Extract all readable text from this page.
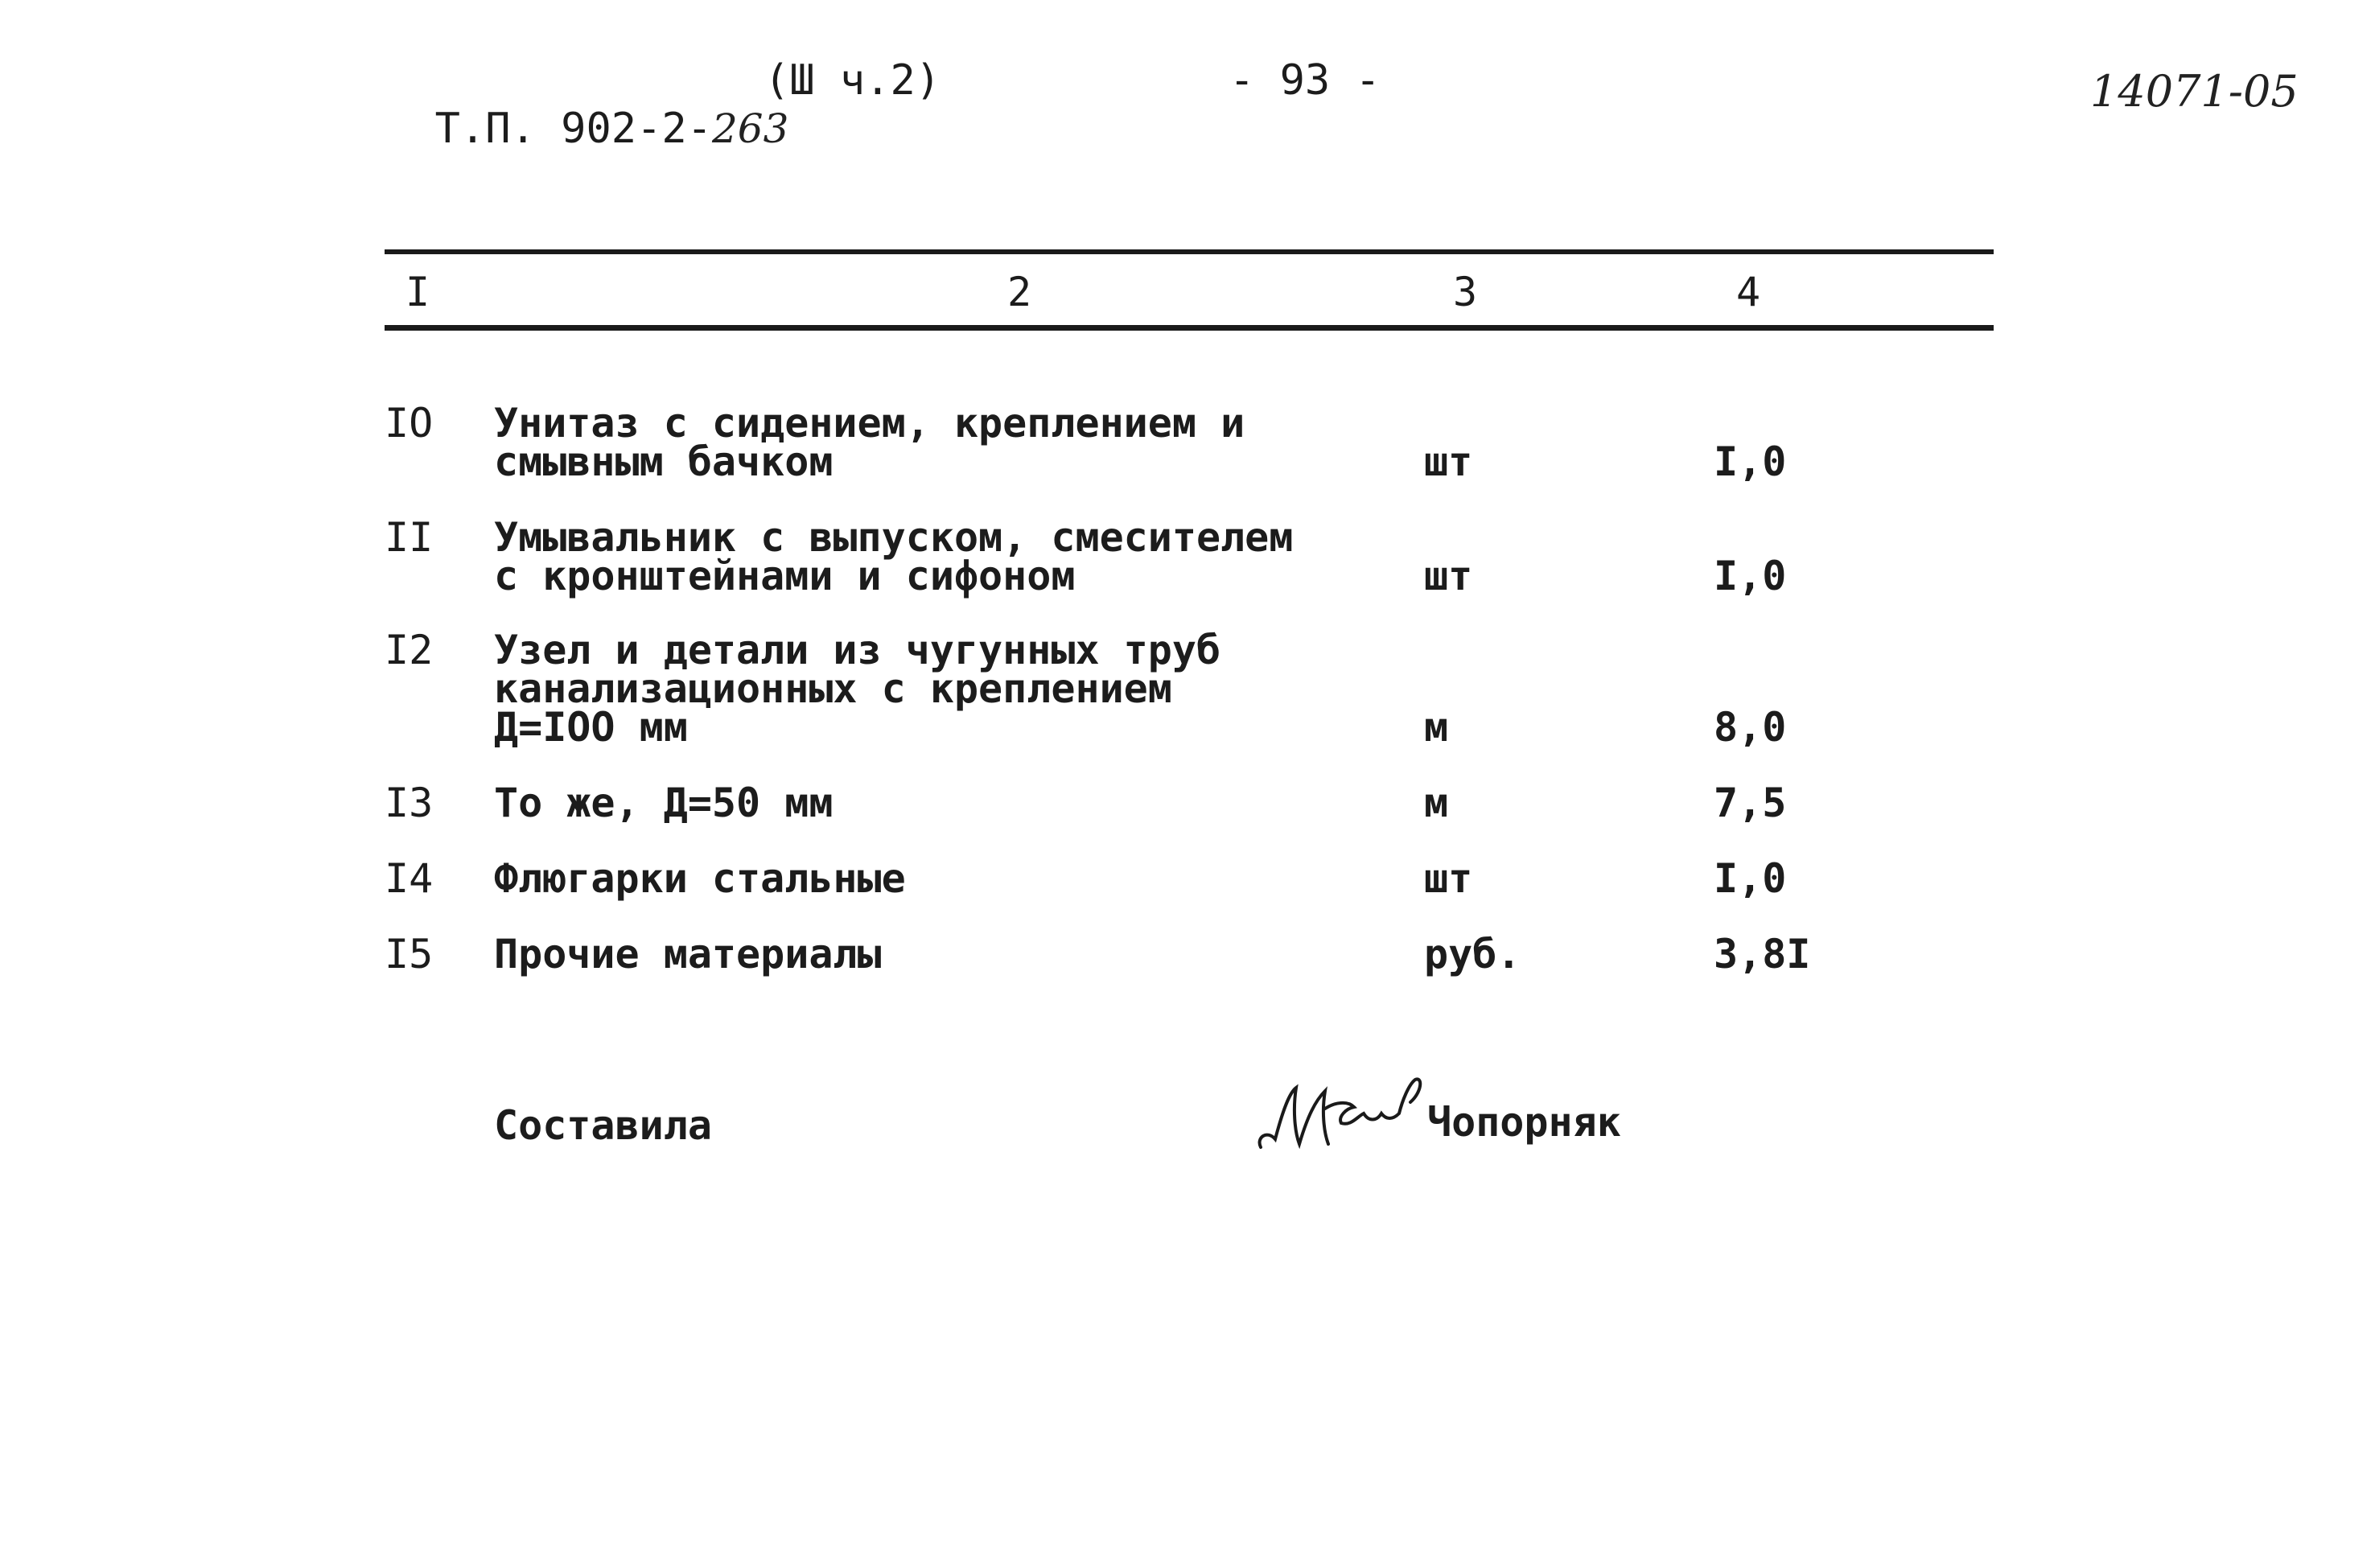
Т.П. 902-2-263

(Ш ч.2)	- 93 -	14071-05
I	2	3	4
IO Унитаз с сидением, креплением и
смывным бачком	шт	I,0
II Умывальник с выпуском, смесителем
с кронштейнами и сифоном	шт	I,0
I2 Узел и детали из чугунных труб
канализационных с креплением
Д=IOO мм	м	8,0
I3 То же, Д=50 мм	м	7,5
I4 Флюгарки стальные	шт	I,0
I5 Прочие материалы	руб.	3,8I
Составила	Чопорняк
